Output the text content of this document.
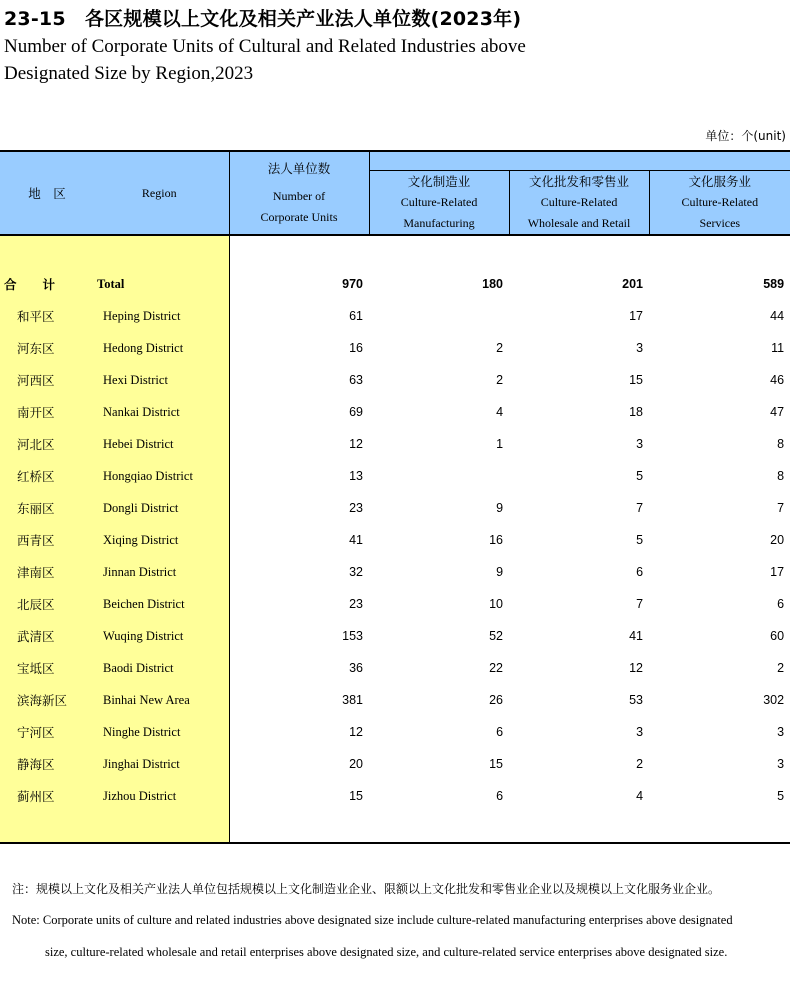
23-15　各区规模以上文化及相关产业法人单位数(2023年)
Number of Corporate Units of Cultural and Related Industries above
Designated Size by Region,2023
单位：个(unit)
地　区 Region		法人单位数
Number of
Corporate Units			

			文化制造业
Culture-Related
Manufacturing	文化批发和零售业
Culture-Related
Wholesale and Retail	文化服务业
Culture-Related
Services

合 计	Total	970	180	201	589
和平区	Heping District	61		17	44
河东区	Hedong District	16	2	3	11
河西区	Hexi District	63	2	15	46
南开区	Nankai District	69	4	18	47
河北区	Hebei District	12	1	3	8
红桥区	Hongqiao District	13		5	8
东丽区	Dongli District	23	9	7	7
西青区	Xiqing District	41	16	5	20
津南区	Jinnan District	32	9	6	17
北辰区	Beichen District	23	10	7	6
武清区	Wuqing District	153	52	41	60
宝坻区	Baodi District	36	22	12	2
滨海新区	Binhai New Area	381	26	53	302
宁河区	Ninghe District	12	6	3	3
静海区	Jinghai District	20	15	2	3
蓟州区	Jizhou District	15	6	4	5

注：规模以上文化及相关产业法人单位包括规模以上文化制造业企业、限额以上文化批发和零售业企业以及规模以上文化服务业企业。
Note: Corporate units of culture and related industries above designated size include culture-related manufacturing enterprises above designated
size, culture-related wholesale and retail enterprises above designated size, and culture-related service enterprises above designated size.
